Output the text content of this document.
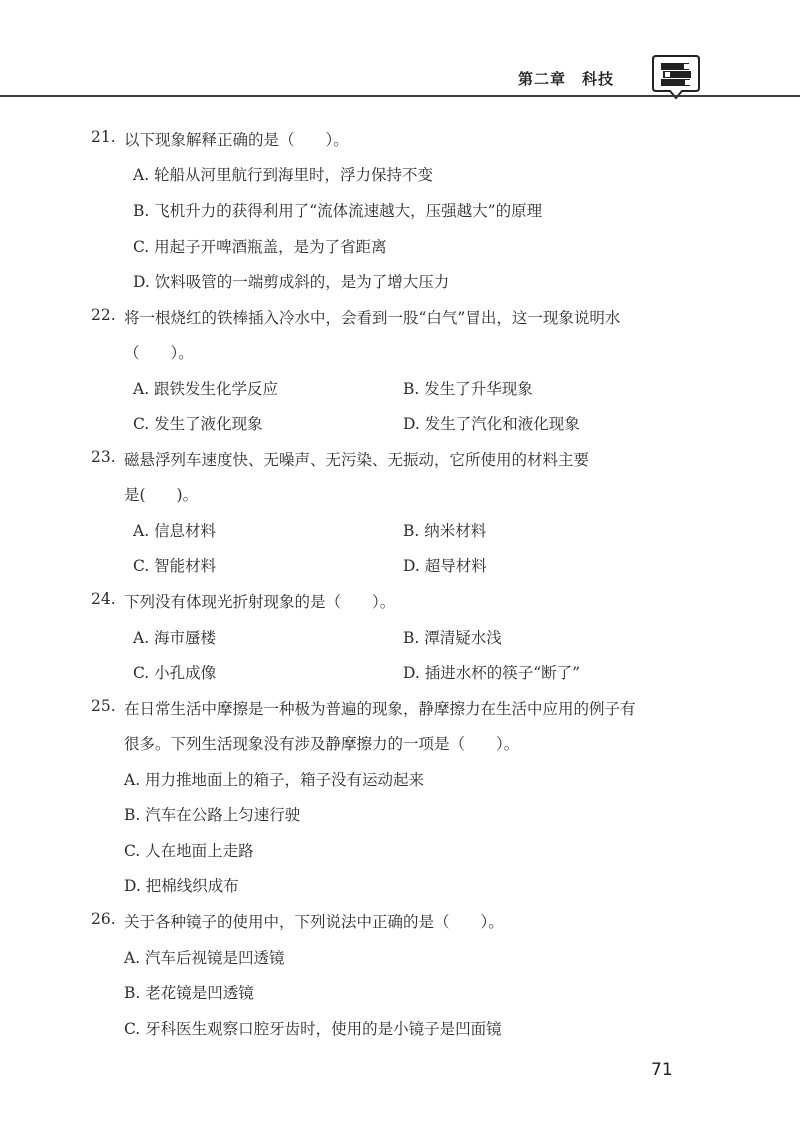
第二章　科技
21. 以下现象解释正确的是（　　）。
A. 轮船从河里航行到海里时，浮力保持不变
B. 飞机升力的获得利用了“流体流速越大，压强越大”的原理
C. 用起子开啤酒瓶盖，是为了省距离
D. 饮料吸管的一端剪成斜的，是为了增大压力
22. 将一根烧红的铁棒插入冷水中，会看到一股“白气”冒出，这一现象说明水
（　　）。
A. 跟铁发生化学反应	B. 发生了升华现象
C. 发生了液化现象	D. 发生了汽化和液化现象
23. 磁悬浮列车速度快、无噪声、无污染、无振动，它所使用的材料主要
是(　　)。
A. 信息材料	B. 纳米材料
C. 智能材料	D. 超导材料
24. 下列没有体现光折射现象的是（　　）。
A. 海市蜃楼	B. 潭清疑水浅
C. 小孔成像	D. 插进水杯的筷子“断了”
25. 在日常生活中摩擦是一种极为普遍的现象，静摩擦力在生活中应用的例子有
很多。下列生活现象没有涉及静摩擦力的一项是（　　）。
A. 用力推地面上的箱子，箱子没有运动起来
B. 汽车在公路上匀速行驶
C. 人在地面上走路
D. 把棉线织成布
26. 关于各种镜子的使用中，下列说法中正确的是（　　）。
A. 汽车后视镜是凹透镜
B. 老花镜是凹透镜
C. 牙科医生观察口腔牙齿时，使用的是小镜子是凹面镜
71
